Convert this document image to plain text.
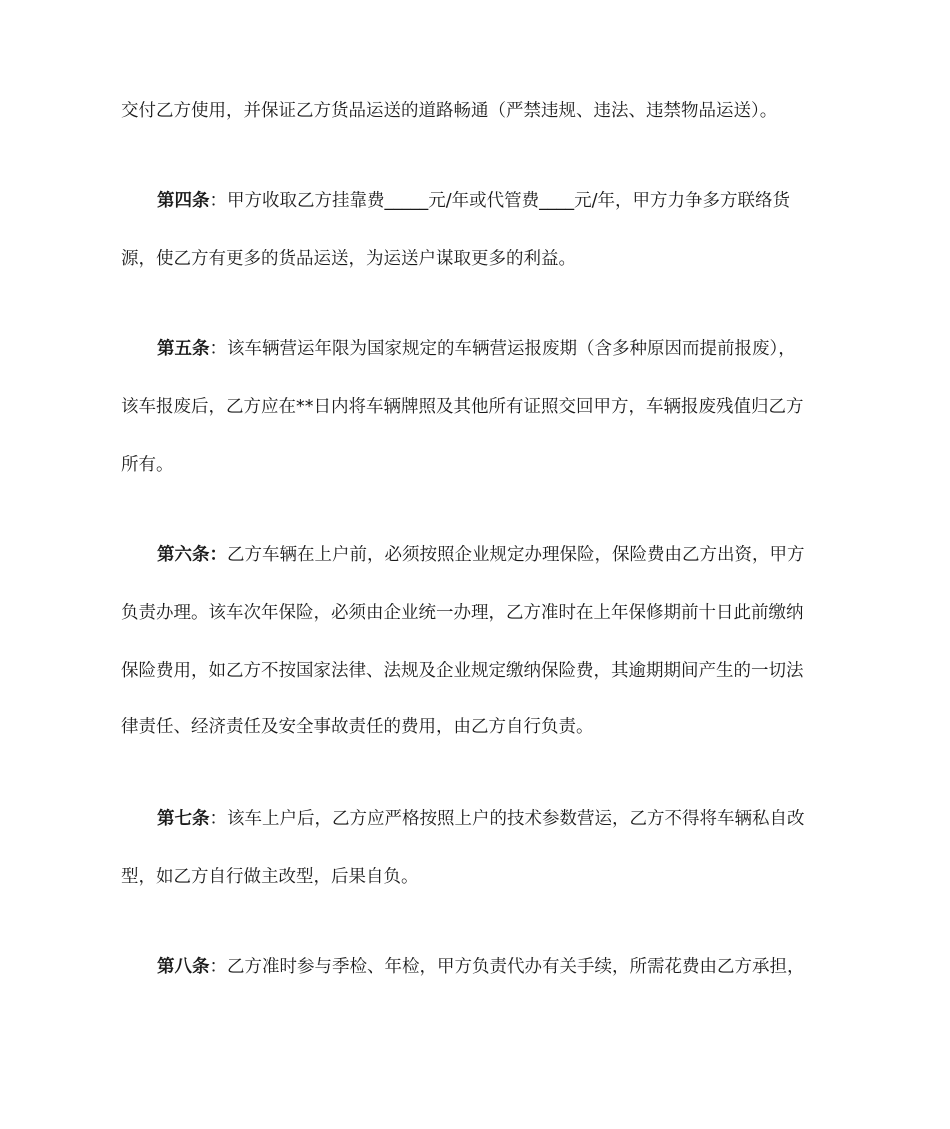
交付乙方使用，并保证乙方货品运送的道路畅通（严禁违规、违法、违禁物品运送）。
第四条：甲方收取乙方挂靠费_____元/年或代管费____元/年，甲方力争多方联络货
源，使乙方有更多的货品运送，为运送户谋取更多的利益。
第五条：该车辆营运年限为国家规定的车辆营运报废期（含多种原因而提前报废），
该车报废后，乙方应在**日内将车辆牌照及其他所有证照交回甲方，车辆报废残值归乙方
所有。
第六条：乙方车辆在上户前，必须按照企业规定办理保险，保险费由乙方出资，甲方
负责办理。该车次年保险，必须由企业统一办理，乙方准时在上年保修期前十日此前缴纳
保险费用，如乙方不按国家法律、法规及企业规定缴纳保险费，其逾期期间产生的一切法
律责任、经济责任及安全事故责任的费用，由乙方自行负责。
第七条：该车上户后，乙方应严格按照上户的技术参数营运，乙方不得将车辆私自改
型，如乙方自行做主改型，后果自负。
第八条：乙方准时参与季检、年检，甲方负责代办有关手续，所需花费由乙方承担，
